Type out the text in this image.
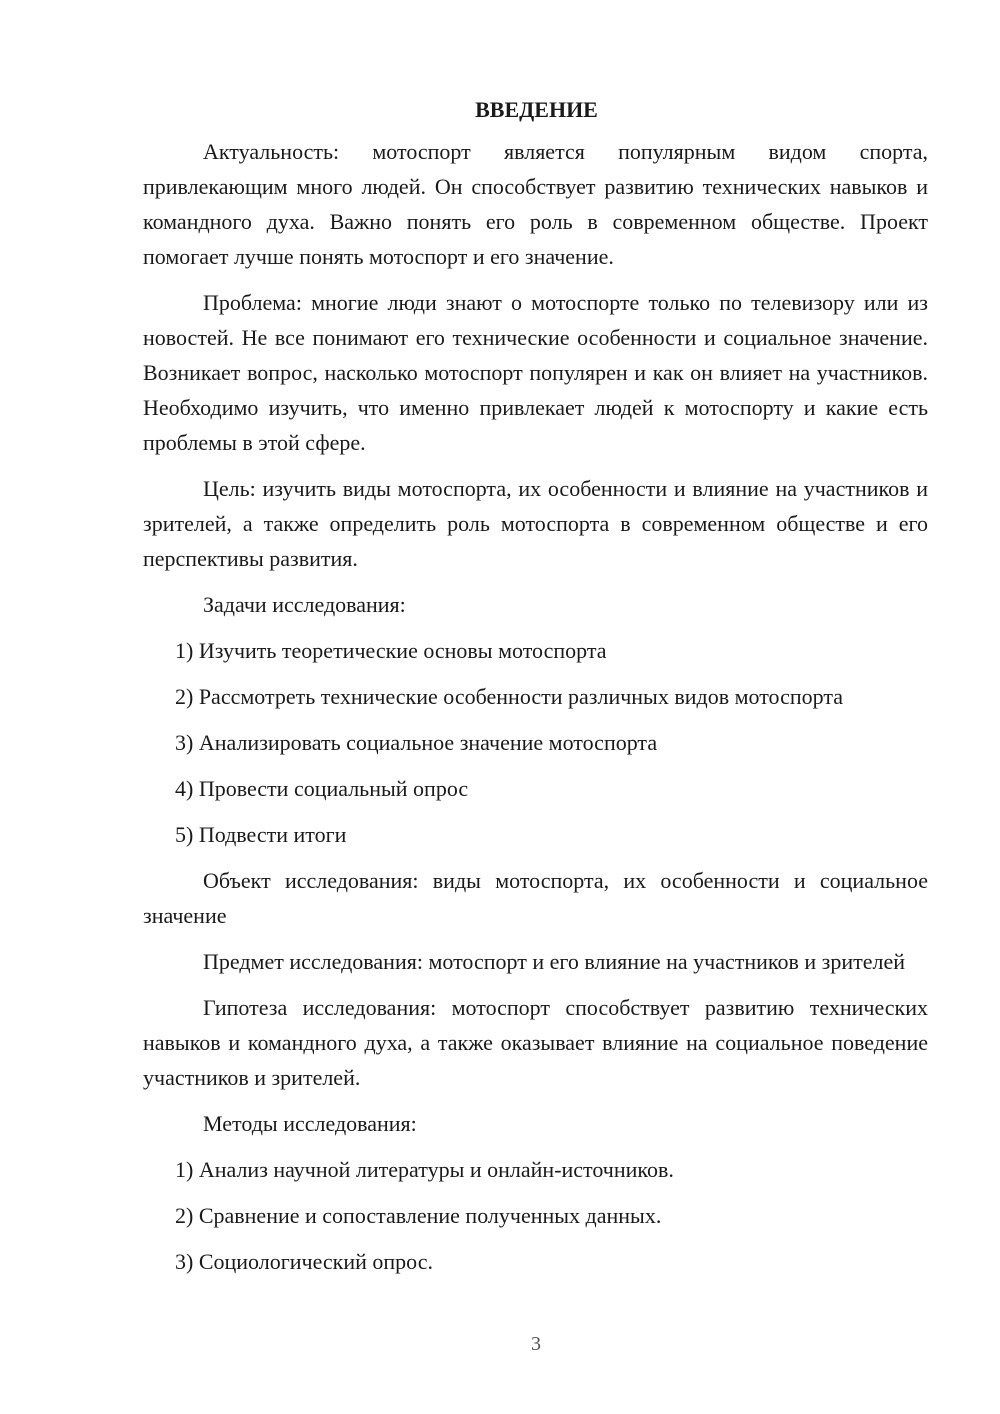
ВВЕДЕНИЕ

Актуальность: мотоспорт является популярным видом спорта, привлекающим много людей. Он способствует развитию технических навыков и командного духа. Важно понять его роль в современном обществе. Проект помогает лучше понять мотоспорт и его значение.

Проблема: многие люди знают о мотоспорте только по телевизору или из новостей. Не все понимают его технические особенности и социальное значение. Возникает вопрос, насколько мотоспорт популярен и как он влияет на участников. Необходимо изучить, что именно привлекает людей к мотоспорту и какие есть проблемы в этой сфере.

Цель: изучить виды мотоспорта, их особенности и влияние на участников и зрителей, а также определить роль мотоспорта в современном обществе и его перспективы развития.

Задачи исследования:

1) Изучить теоретические основы мотоспорта

2) Рассмотреть технические особенности различных видов мотоспорта

3) Анализировать социальное значение мотоспорта

4) Провести социальный опрос

5) Подвести итоги

Объект исследования: виды мотоспорта, их особенности и социальное значение

Предмет исследования: мотоспорт и его влияние на участников и зрителей

Гипотеза исследования: мотоспорт способствует развитию технических навыков и командного духа, а также оказывает влияние на социальное поведение участников и зрителей.

Методы исследования:

1) Анализ научной литературы и онлайн-источников.

2) Сравнение и сопоставление полученных данных.

3) Социологический опрос.

3
